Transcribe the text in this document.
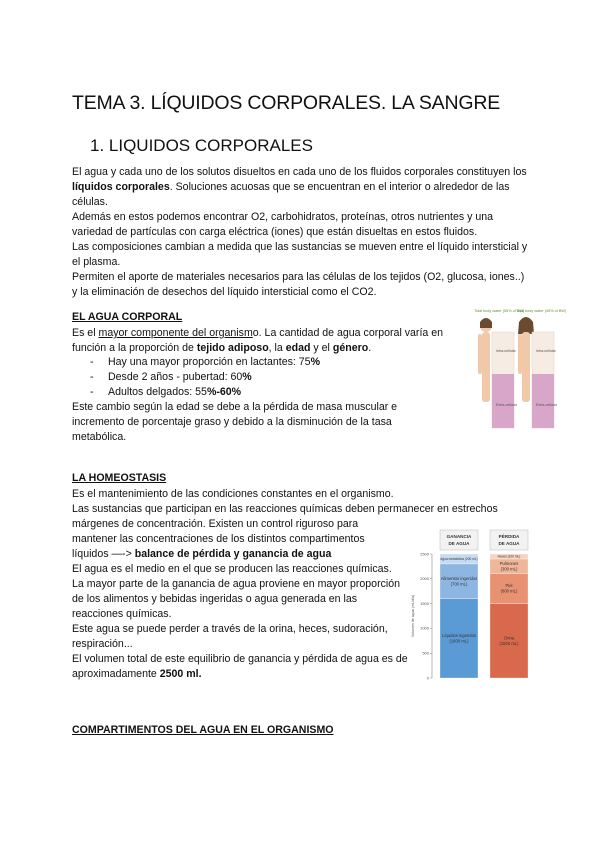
TEMA 3. LÍQUIDOS CORPORALES. LA SANGRE
1. LIQUIDOS CORPORALES
El agua y cada uno de los solutos disueltos en cada uno de los fluidos corporales constituyen los líquidos corporales. Soluciones acuosas que se encuentran en el interior o alrededor de las células.
Además en estos podemos encontrar O2, carbohidratos, proteínas, otros nutrientes y una variedad de partículas con carga eléctrica (iones) que están disueltas en estos fluidos.
Las composiciones cambian a medida que las sustancias se mueven entre el líquido intersticial y el plasma.
Permiten el aporte de materiales necesarios para las células de los tejidos (O2, glucosa, iones..) y la eliminación de desechos del líquido intersticial como el CO2.
EL AGUA CORPORAL
Es el mayor componente del organismo. La cantidad de agua corporal varía en función a la proporción de tejido adiposo, la edad y el género.
- Hay una mayor proporción en lactantes: 75%
- Desde 2 años - pubertad: 60%
- Adultos delgados: 55%-60%
Este cambio según la edad se debe a la pérdida de masa muscular e incremento de porcentaje graso y debido a la disminución de la tasa metabólica.
Total body water (55% of BW)
Total body water (45% of BW)
Intra-cellular
Extra-cellular
Intra-cellular
Extra-cellular
LA HOMEOSTASIS
Es el mantenimiento de las condiciones constantes en el organismo.
Las sustancias que participan en las reacciones químicas deben permanecer en estrechos
márgenes de concentración. Existen un control riguroso para
mantener las concentraciones de los distintos compartimentos
líquidos —-> balance de pérdida y ganancia de agua
El agua es el medio en el que se producen las reacciones químicas.
La mayor parte de la ganancia de agua proviene en mayor proporción de los alimentos y bebidas ingeridas o agua generada en las reacciones químicas.
Este agua se puede perder a través de la orina, heces, sudoración, respiración...
El volumen total de este equilibrio de ganancia y pérdida de agua es de aproximadamente 2500 ml.
Volumen de agua (mL/día)
2500
2000
1500
1000
500
0
GANANCIA
DE AGUA
PÉRDIDA
DE AGUA
Líquidos ingeridos
(1600 mL)
Alimentos ingeridos
(700 mL)
Agua metabólica (200 mL)
Orina
(1500 mL)
Piel
(600 mL)
Pulmones
(300 mL)
Heces (100 mL)
COMPARTIMENTOS DEL AGUA EN EL ORGANISMO
